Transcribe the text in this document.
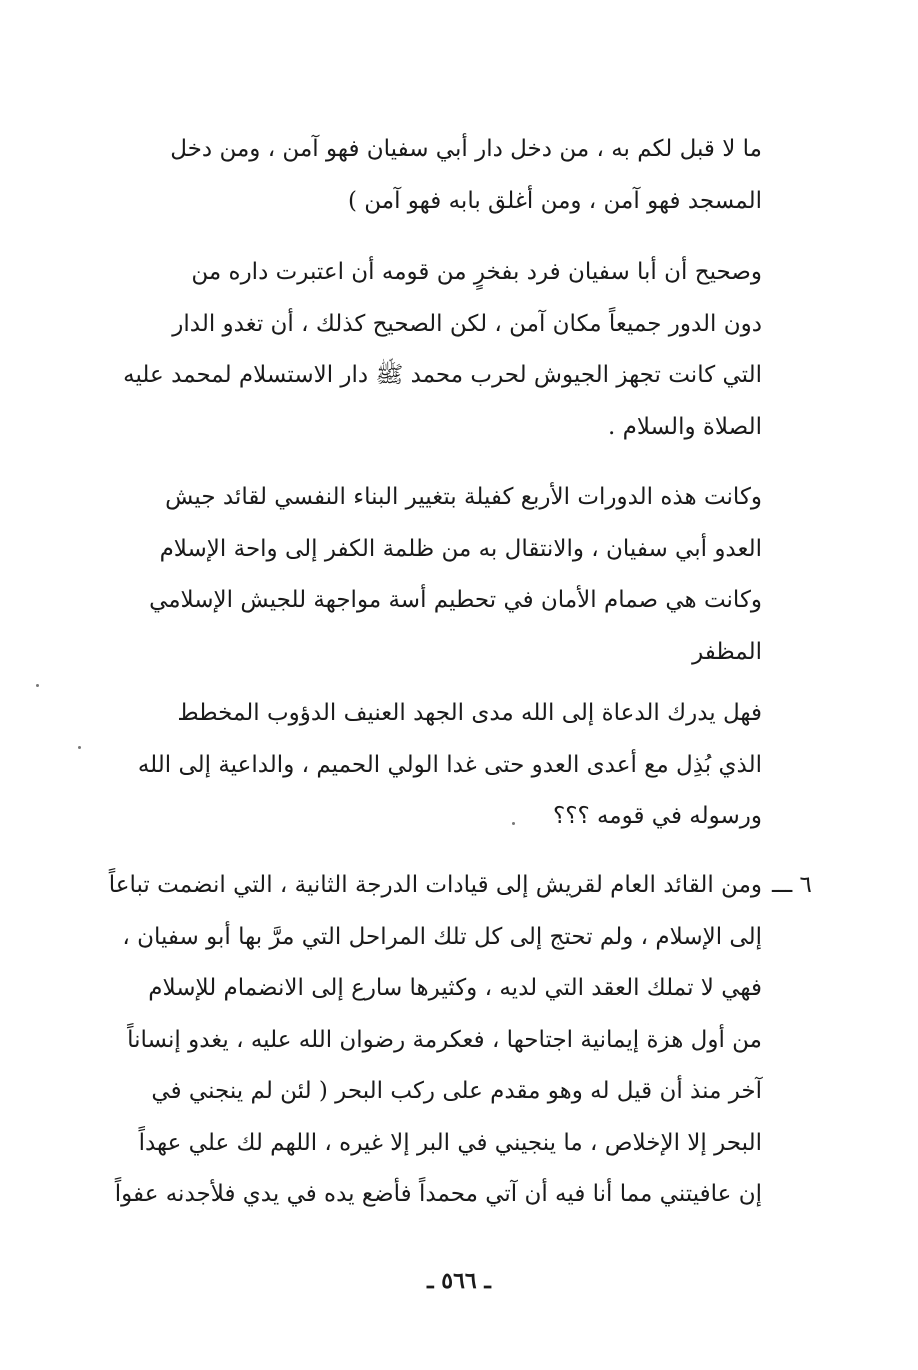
ما لا قبل لكم به ، من دخل دار أبي سفيان فهو آمن ، ومن دخل
المسجد فهو آمن ، ومن أغلق بابه فهو آمن )
وصحيح أن أبا سفيان فرد بفخرٍ من قومه أن اعتبرت داره من
دون الدور جميعاً مكان آمن ، لكن الصحيح كذلك ، أن تغدو الدار
التي كانت تجهز الجيوش لحرب محمد ﷺ دار الاستسلام لمحمد عليه
الصلاة والسلام .
وكانت هذه الدورات الأربع كفيلة بتغيير البناء النفسي لقائد جيش
العدو أبي سفيان ، والانتقال به من ظلمة الكفر إلى واحة الإسلام
وكانت هي صمام الأمان في تحطيم أسة مواجهة للجيش الإسلامي
المظفر
فهل يدرك الدعاة إلى الله مدى الجهد العنيف الدؤوب المخطط
الذي بُذِل مع أعدى العدو حتى غدا الولي الحميم ، والداعية إلى الله
ورسوله في قومه ؟؟؟
٦ ـــ
ومن القائد العام لقريش إلى قيادات الدرجة الثانية ، التي انضمت تباعاً
إلى الإسلام ، ولم تحتج إلى كل تلك المراحل التي مرَّ بها أبو سفيان ،
فهي لا تملك العقد التي لديه ، وكثيرها سارع إلى الانضمام للإسلام
من أول هزة إيمانية اجتاحها ، فعكرمة رضوان الله عليه ، يغدو إنساناً
آخر منذ أن قيل له وهو مقدم على ركب البحر ( لئن لم ينجني في
البحر إلا الإخلاص ، ما ينجيني في البر إلا غيره ، اللهم لك علي عهداً
إن عافيتني مما أنا فيه أن آتي محمداً فأضع يده في يدي فلأجدنه عفواً
ـ ٥٦٦ ـ
